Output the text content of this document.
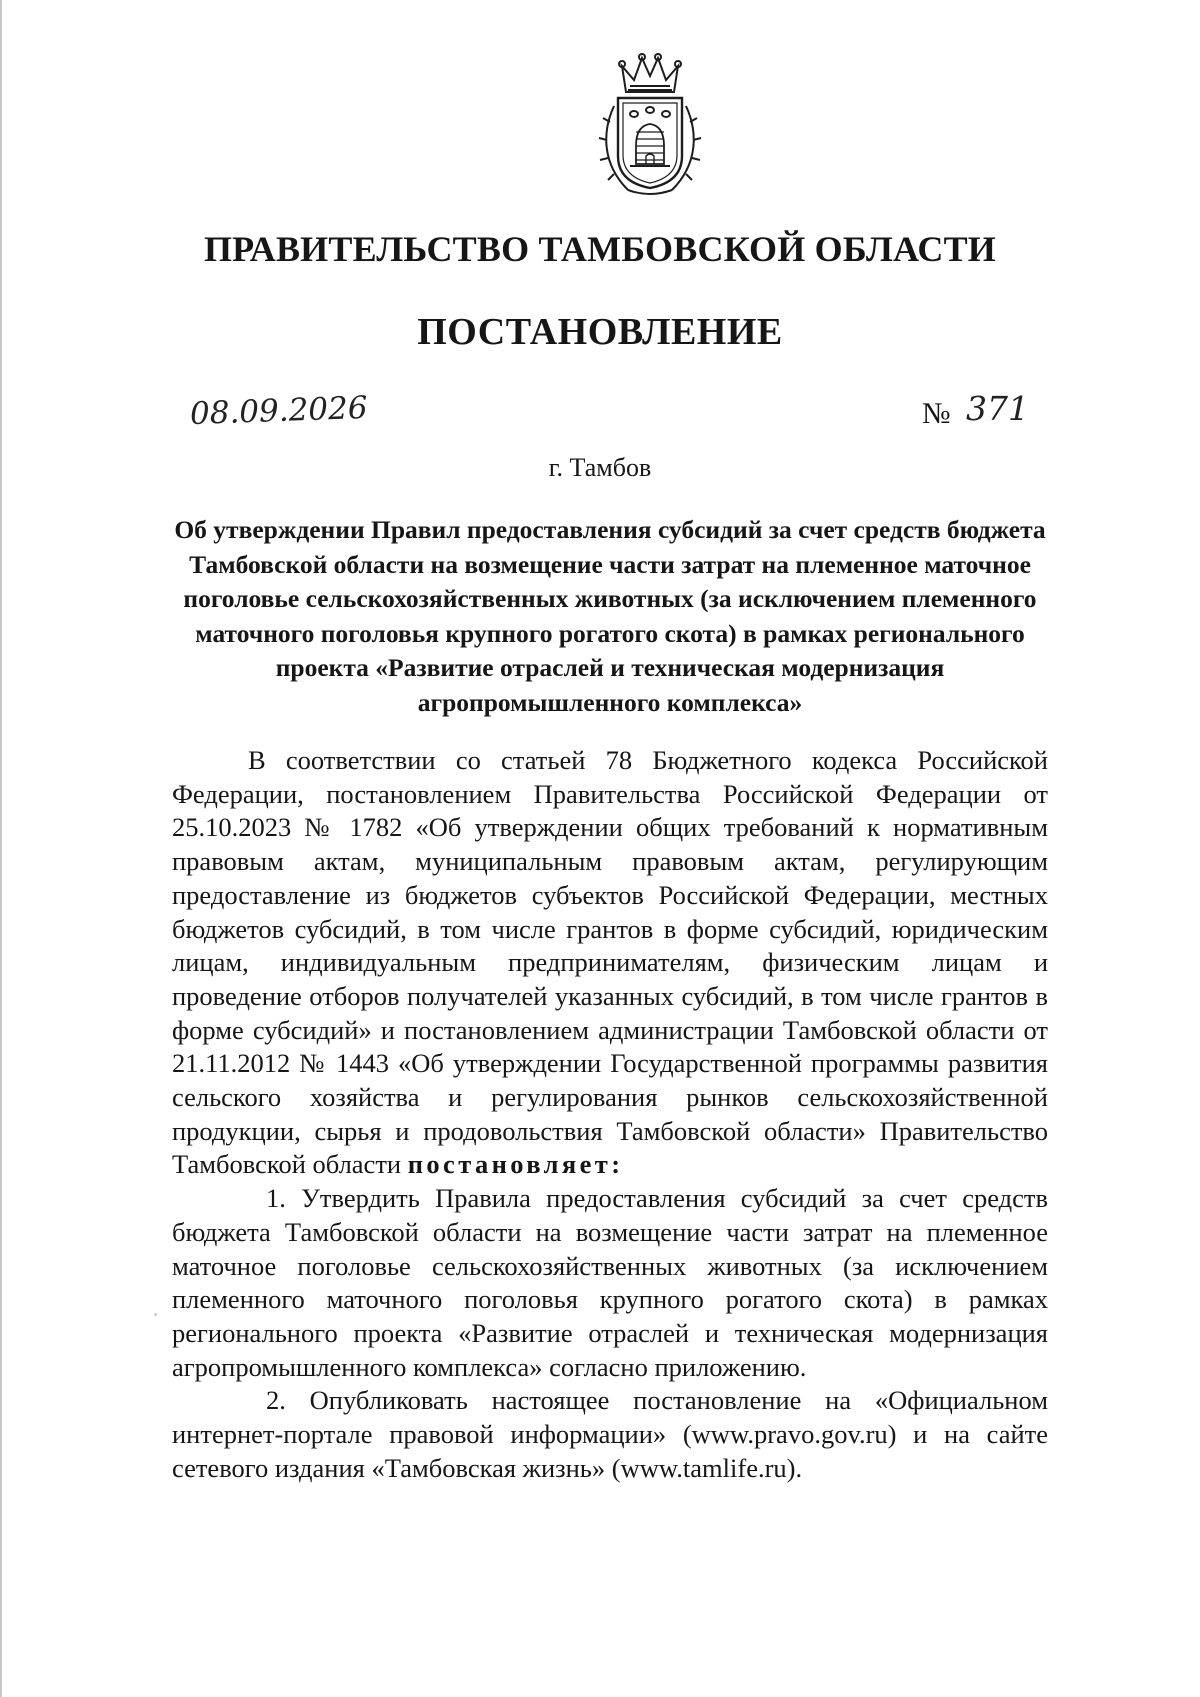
ПРАВИТЕЛЬСТВО ТАМБОВСКОЙ ОБЛАСТИ
ПОСТАНОВЛЕНИЕ
08.09.2026	№ 371
г. Тамбов
Об утверждении Правил предоставления субсидий за счет средств бюджета Тамбовской области на возмещение части затрат на племенное маточное поголовье сельскохозяйственных животных (за исключением племенного маточного поголовья крупного рогатого скота) в рамках регионального проекта «Развитие отраслей и техническая модернизация агропромышленного комплекса»

В соответствии со статьей 78 Бюджетного кодекса Российской Федерации, постановлением Правительства Российской Федерации от 25.10.2023 № 1782 «Об утверждении общих требований к нормативным правовым актам, муниципальным правовым актам, регулирующим предоставление из бюджетов субъектов Российской Федерации, местных бюджетов субсидий, в том числе грантов в форме субсидий, юридическим лицам, индивидуальным предпринимателям, физическим лицам и проведение отборов получателей указанных субсидий, в том числе грантов в форме субсидий» и постановлением администрации Тамбовской области от 21.11.2012 № 1443 «Об утверждении Государственной программы развития сельского хозяйства и регулирования рынков сельскохозяйственной продукции, сырья и продовольствия Тамбовской области» Правительство Тамбовской области постановляет:

1. Утвердить Правила предоставления субсидий за счет средств бюджета Тамбовской области на возмещение части затрат на племенное маточное поголовье сельскохозяйственных животных (за исключением племенного маточного поголовья крупного рогатого скота) в рамках регионального проекта «Развитие отраслей и техническая модернизация агропромышленного комплекса» согласно приложению.

2. Опубликовать настоящее постановление на «Официальном интернет-портале правовой информации» (www.pravo.gov.ru) и на сайте сетевого издания «Тамбовская жизнь» (www.tamlife.ru).
